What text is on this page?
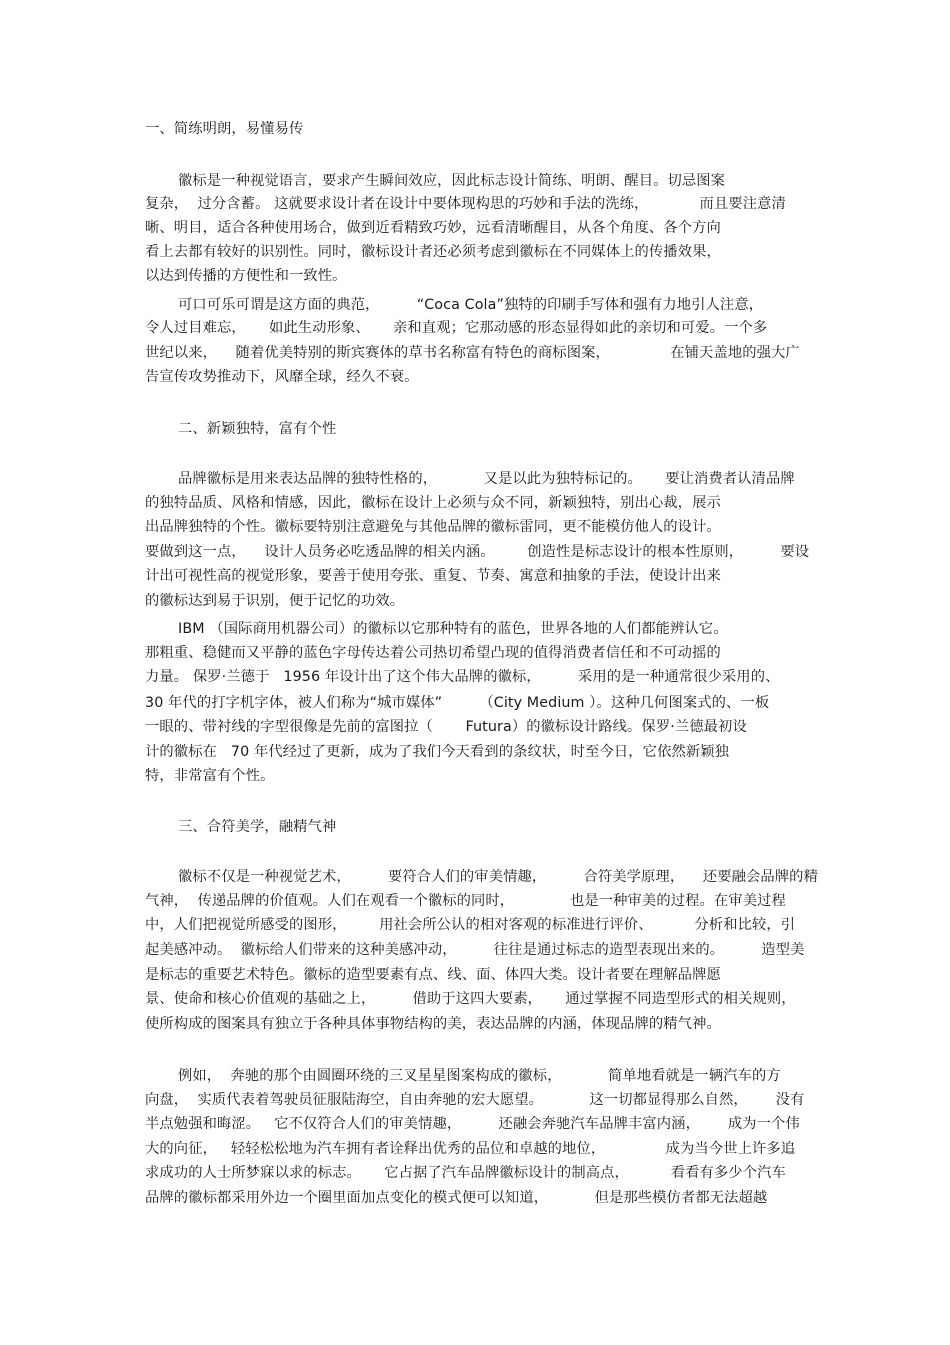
一、简练明朗，易懂易传
徽标是一种视觉语言，要求产生瞬间效应，因此标志设计简练、明朗、醒目。切忌图案
复杂，  过分含蓄。 这就要求设计者在设计中要体现构思的巧妙和手法的洗练，           而且要注意清
晰、明目，适合各种使用场合，做到近看精致巧妙，远看清晰醒目，从各个角度、各个方向
看上去都有较好的识别性。同时，徽标设计者还必须考虑到徽标在不同媒体上的传播效果，
以达到传播的方便性和一致性。
可口可乐可谓是这方面的典范，        “Coca Cola”独特的印刷手写体和强有力地引人注意，
令人过目难忘，     如此生动形象、     亲和直观；它那动感的形态显得如此的亲切和可爱。一个多
世纪以来，    随着优美特别的斯宾赛体的草书名称富有特色的商标图案，             在铺天盖地的强大广
告宣传攻势推动下，风靡全球，经久不衰。
二、新颖独特，富有个性
品牌徽标是用来表达品牌的独特性格的，          又是以此为独特标记的。     要让消费者认清品牌
的独特品质、风格和情感，因此，徽标在设计上必须与众不同，新颖独特，别出心裁，展示
出品牌独特的个性。徽标要特别注意避免与其他品牌的徽标雷同，更不能模仿他人的设计。
要做到这一点，    设计人员务必吃透品牌的相关内涵。       创造性是标志设计的根本性原则，        要设
计出可视性高的视觉形象，要善于使用夸张、重复、节奏、寓意和抽象的手法，使设计出来
的徽标达到易于识别，便于记忆的功效。
IBM （国际商用机器公司）的徽标以它那种特有的蓝色，世界各地的人们都能辨认它。
那粗重、稳健而又平静的蓝色字母传达着公司热切希望凸现的值得消费者信任和不可动摇的
力量。 保罗·兰德于   1956 年设计出了这个伟大品牌的徽标，        采用的是一种通常很少采用的、
30 年代的打字机字体，被人们称为“城市媒体”        （City Medium ）。这种几何图案式的、一板
一眼的、带衬线的字型很像是先前的富图拉（       Futura）的徽标设计路线。保罗·兰德最初设
计的徽标在   70 年代经过了更新，成为了我们今天看到的条纹状，时至今日，它依然新颖独
特，非常富有个性。
三、合符美学，融精气神
徽标不仅是一种视觉艺术，        要符合人们的审美情趣，        合符美学原理，    还要融会品牌的精
气神，  传递品牌的价值观。人们在观看一个徽标的同时，            也是一种审美的过程。在审美过程
中，人们把视觉所感受的图形，       用社会所公认的相对客观的标准进行评价、         分析和比较，引
起美感冲动。  徽标给人们带来的这种美感冲动，        往往是通过标志的造型表现出来的。        造型美
是标志的重要艺术特色。徽标的造型要素有点、线、面、体四大类。设计者要在理解品牌愿
景、使命和核心价值观的基础之上，        借助于这四大要素，     通过掌握不同造型形式的相关规则，
使所构成的图案具有独立于各种具体事物结构的美，表达品牌的内涵，体现品牌的精气神。
例如，  奔驰的那个由圆圈环绕的三叉星星图案构成的徽标，          简单地看就是一辆汽车的方
向盘，  实质代表着驾驶员征服陆海空，自由奔驰的宏大愿望。          这一切都显得那么自然，      没有
半点勉强和晦涩。   它不仅符合人们的审美情趣，        还融会奔驰汽车品牌丰富内涵，      成为一个伟
大的向征，   轻轻松松地为汽车拥有者诠释出优秀的品位和卓越的地位，             成为当今世上许多追
求成功的人士所梦寐以求的标志。     它占据了汽车品牌徽标设计的制高点，         看看有多少个汽车
品牌的徽标都采用外边一个圈里面加点变化的模式便可以知道，          但是那些模仿者都无法超越
